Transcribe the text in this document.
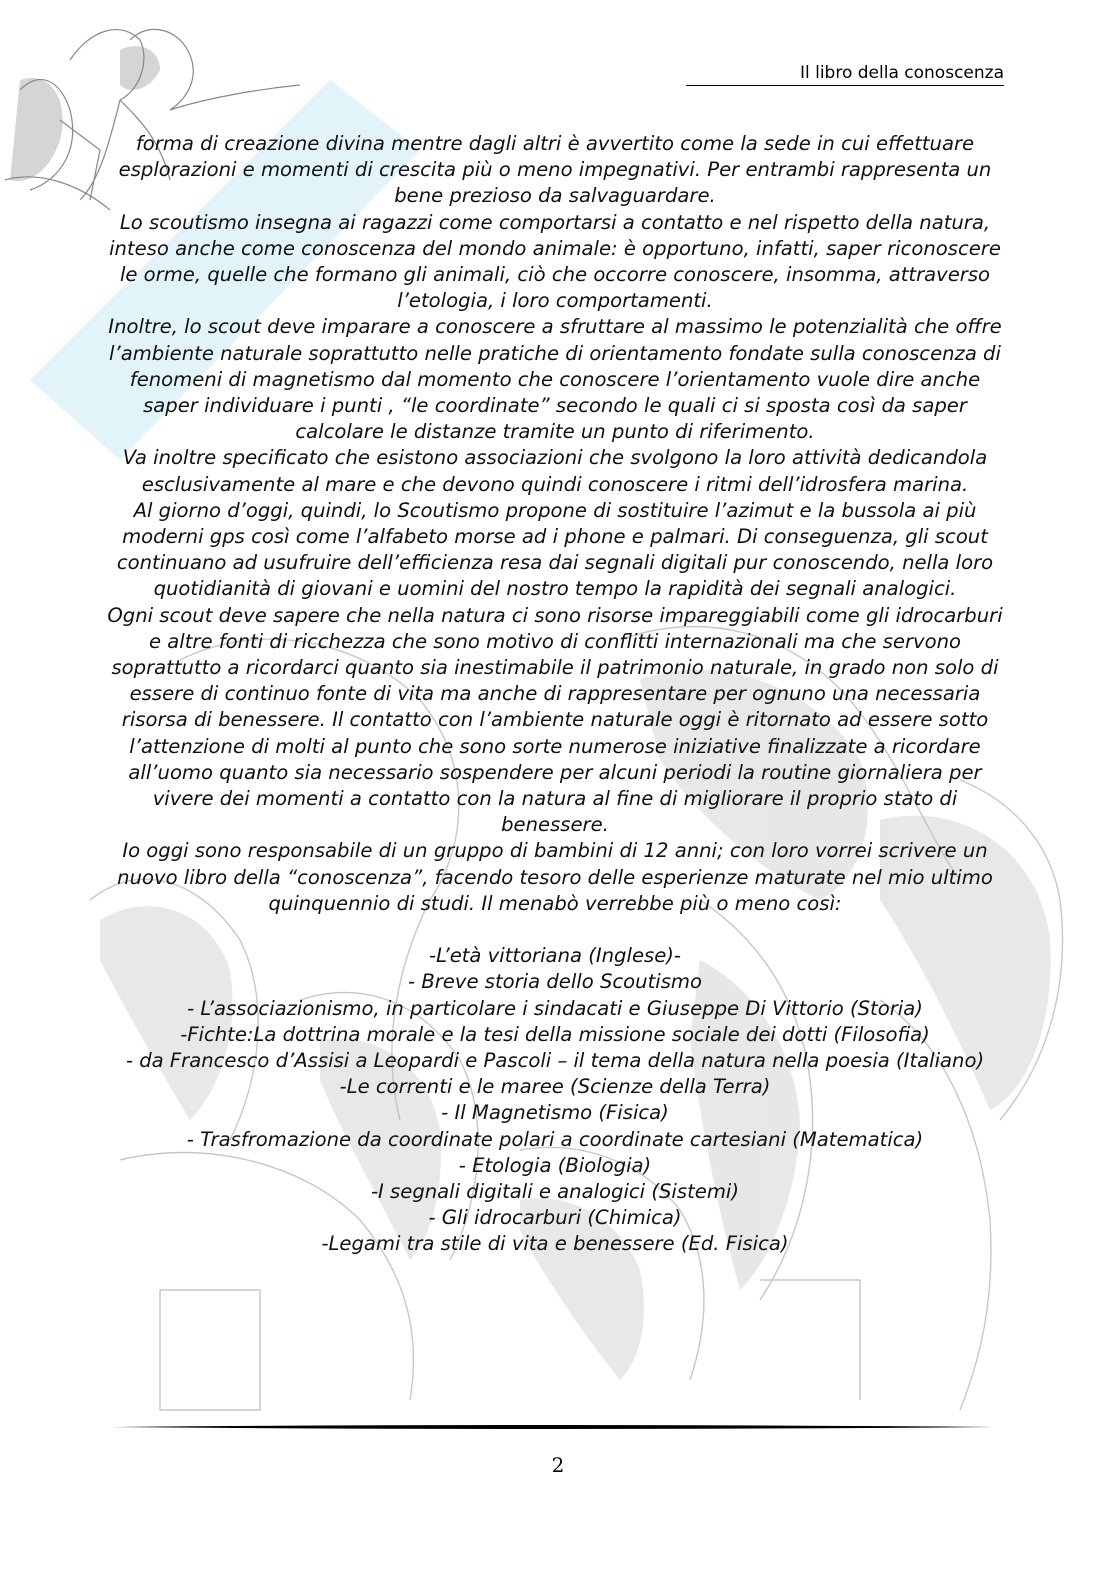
Il libro della conoscenza

forma di creazione divina mentre dagli altri è avvertito come la sede in cui effettuare esplorazioni e momenti di crescita più o meno impegnativi. Per entrambi rappresenta un bene prezioso da salvaguardare.

Lo scoutismo insegna ai ragazzi come comportarsi a contatto e nel rispetto della natura, inteso anche come conoscenza del mondo animale: è opportuno, infatti, saper riconoscere le orme, quelle che formano gli animali, ciò che occorre conoscere, insomma, attraverso l’etologia, i loro comportamenti.

Inoltre, lo scout deve imparare a conoscere a sfruttare al massimo le potenzialità che offre l’ambiente naturale soprattutto nelle pratiche di orientamento fondate sulla conoscenza di fenomeni di magnetismo dal momento che conoscere l’orientamento vuole dire anche saper individuare i punti , “le coordinate” secondo le quali ci si sposta così da saper calcolare le distanze tramite un punto di riferimento.

Va inoltre specificato che esistono associazioni che svolgono la loro attività dedicandola esclusivamente al mare e che devono quindi conoscere i ritmi dell’idrosfera marina.

Al giorno d’oggi, quindi, lo Scoutismo propone di sostituire l’azimut e la bussola ai più moderni gps così come l’alfabeto morse ad i phone e palmari. Di conseguenza, gli scout continuano ad usufruire dell’efficienza resa dai segnali digitali pur conoscendo, nella loro quotidianità di giovani e uomini del nostro tempo la rapidità dei segnali analogici.

Ogni scout deve sapere che nella natura ci sono risorse impareggiabili come gli idrocarburi e altre fonti di ricchezza che sono motivo di conflitti internazionali ma che servono soprattutto a ricordarci quanto sia inestimabile il patrimonio naturale, in grado non solo di essere di continuo fonte di vita ma anche di rappresentare per ognuno una necessaria risorsa di benessere. Il contatto con l’ambiente naturale oggi è ritornato ad essere sotto l’attenzione di molti al punto che sono sorte numerose iniziative finalizzate a ricordare all’uomo quanto sia necessario sospendere per alcuni periodi la routine giornaliera per vivere dei momenti a contatto con la natura al fine di migliorare il proprio stato di benessere.

Io oggi sono responsabile di un gruppo di bambini di 12 anni; con loro vorrei scrivere un nuovo libro della “conoscenza”, facendo tesoro delle esperienze maturate nel mio ultimo quinquennio di studi. Il menabò verrebbe più o meno così:

-L’età vittoriana (Inglese)-
- Breve storia dello Scoutismo
- L’associazionismo, in particolare i sindacati e Giuseppe Di Vittorio (Storia)
-Fichte:La dottrina morale e la tesi della missione sociale dei dotti (Filosofia)
- da Francesco d’Assisi a Leopardi e Pascoli – il tema della natura nella poesia (Italiano)
-Le correnti e le maree (Scienze della Terra)
- Il Magnetismo (Fisica)
- Trasfromazione da coordinate polari a coordinate cartesiani (Matematica)
- Etologia (Biologia)
-I segnali digitali e analogici (Sistemi)
- Gli idrocarburi (Chimica)
-Legami tra stile di vita e benessere (Ed. Fisica)
2
